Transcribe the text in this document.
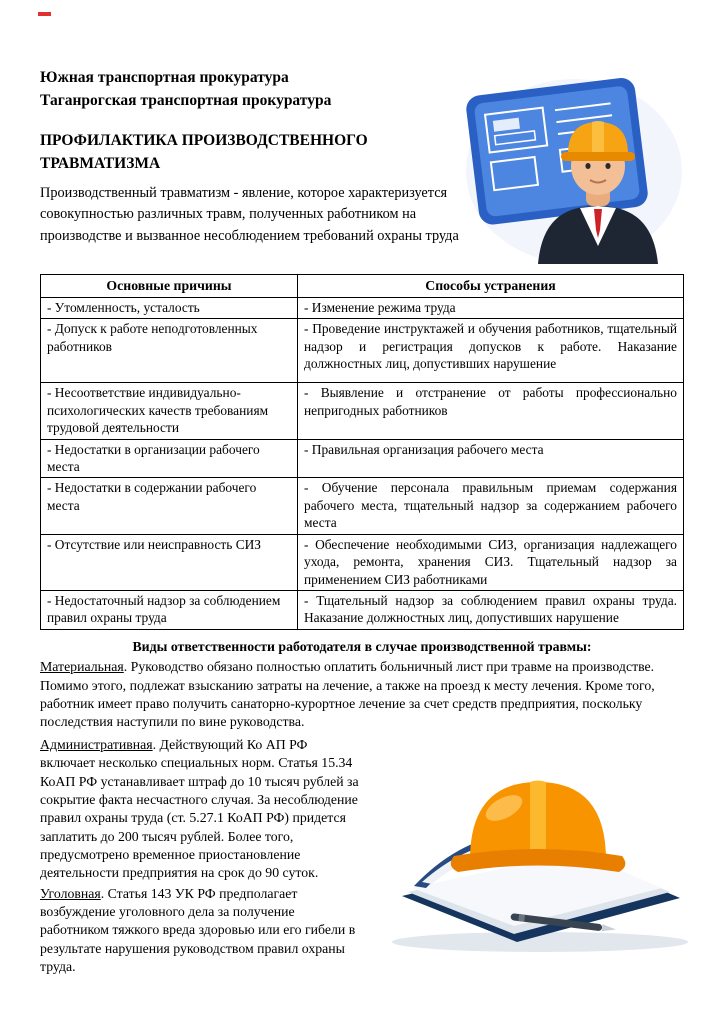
Южная транспортная прокуратура
Таганрогская транспортная прокуратура
ПРОФИЛАКТИКА ПРОИЗВОДСТВЕННОГО ТРАВМАТИЗМА

Производственный травматизм - явление, которое характеризуется совокупностью различных травм, полученных работником на производстве и вызванное несоблюдением требований охраны труда

Основные причины	Способы устранения
- Утомленность, усталость	- Изменение режима труда
- Допуск к работе неподготовленных работников	- Проведение инструктажей и обучения работников, тщательный надзор и регистрация допусков к работе. Наказание должностных лиц, допустивших нарушение
- Несоответствие индивидуально-психологических качеств требованиям трудовой деятельности	- Выявление и отстранение от работы профессионально непригодных работников
- Недостатки в организации рабочего места	- Правильная организация рабочего места
- Недостатки в содержании рабочего места	- Обучение персонала правильным приемам содержания рабочего места, тщательный надзор за содержанием рабочего места
- Отсутствие или неисправность СИЗ	- Обеспечение необходимыми СИЗ, организация надлежащего ухода, ремонта, хранения СИЗ. Тщательный надзор за применением СИЗ работниками
- Недостаточный надзор за соблюдением правил охраны труда	- Тщательный надзор за соблюдением правил охраны труда. Наказание должностных лиц, допустивших нарушение
Виды ответственности работодателя в случае производственной травмы:

Материальная. Руководство обязано полностью оплатить больничный лист при травме на производстве. Помимо этого, подлежат взысканию затраты на лечение, а также на проезд к месту лечения. Кроме того, работник имеет право получить санаторно-курортное лечение за счет средств предприятия, поскольку последствия наступили по вине руководства.

Административная. Действующий Ко АП РФ включает несколько специальных норм. Статья 15.34 КоАП РФ устанавливает штраф до 10 тысяч рублей за сокрытие факта несчастного случая. За несоблюдение правил охраны труда (ст. 5.27.1 КоАП РФ) придется заплатить до 200 тысяч рублей. Более того, предусмотрено временное приостановление деятельности предприятия на срок до 90 суток.

Уголовная. Статья 143 УК РФ предполагает возбуждение уголовного дела за получение работником тяжкого вреда здоровью или его гибели в результате нарушения руководством правил охраны труда.
